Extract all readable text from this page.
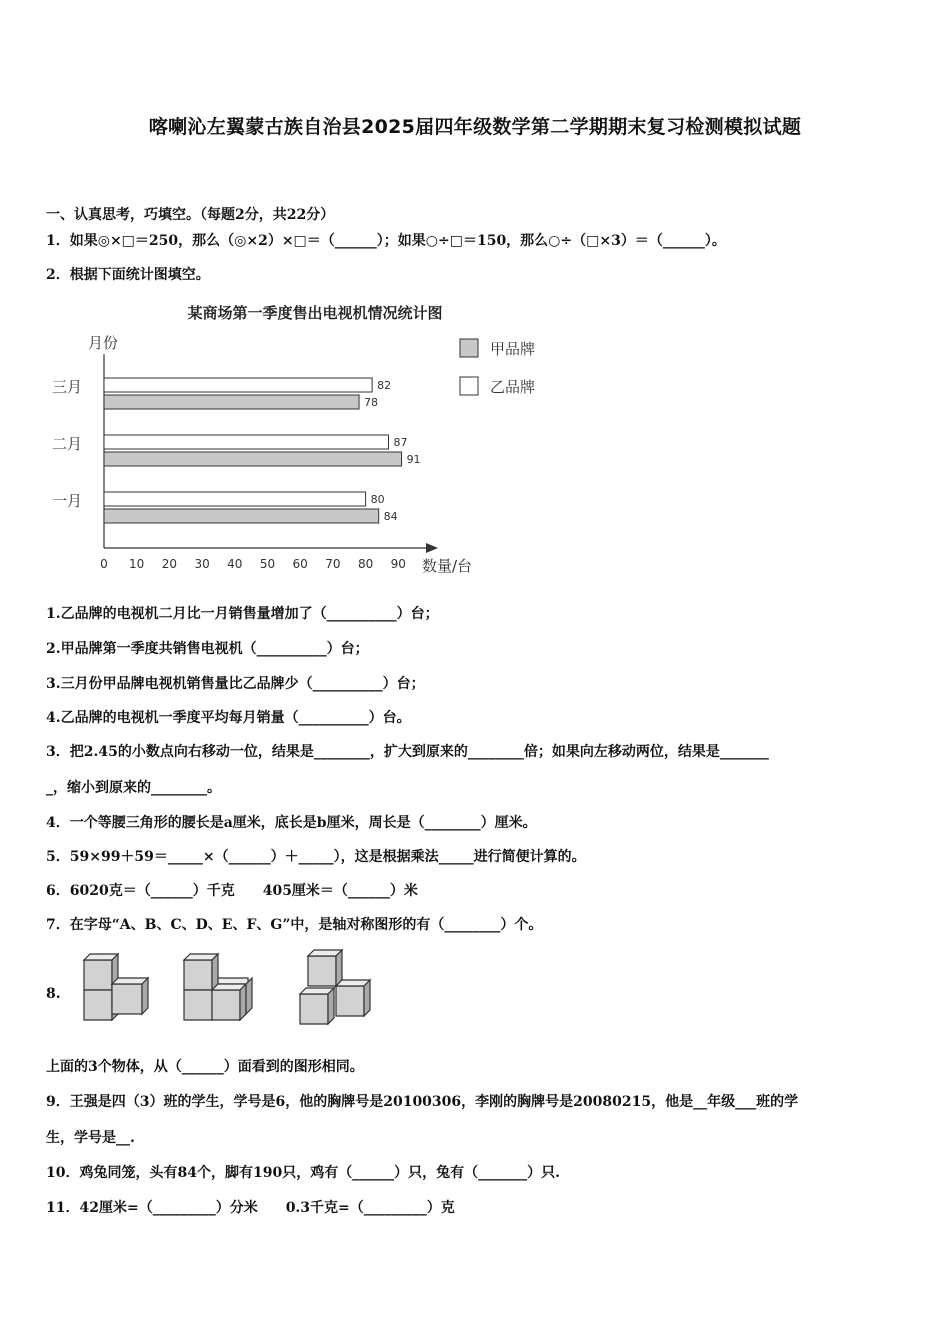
喀喇沁左翼蒙古族自治县2025届四年级数学第二学期期末复习检测模拟试题
一、认真思考，巧填空。（每题2分，共22分）
1．如果◎×□＝250，那么（◎×2）×□＝（______）；如果○÷□＝150，那么○÷（□×3）＝（______）。
2．根据下面统计图填空。
某商场第一季度售出电视机情况统计图
月份
数量/台
0 10 20 30 40 50 60 70 80 90
三月
二月
一月
82
78
87
91
80
84
甲品牌
乙品牌
1.乙品牌的电视机二月比一月销售量增加了（__________）台；
2.甲品牌第一季度共销售电视机（__________）台；
3.三月份甲品牌电视机销售量比乙品牌少（__________）台；
4.乙品牌的电视机一季度平均每月销量（__________）台。
3．把2.45的小数点向右移动一位，结果是________，扩大到原来的________倍；如果向左移动两位，结果是_______
_，缩小到原来的________。
4．一个等腰三角形的腰长是a厘米，底长是b厘米，周长是（________）厘米。
5．59×99＋59＝_____×（______）＋_____），这是根据乘法_____进行简便计算的。
6．6020克＝（______）千克　　405厘米＝（______）米
7．在字母“A、B、C、D、E、F、G”中，是轴对称图形的有（________）个。
8.
上面的3个物体，从（______）面看到的图形相同。
9．王强是四（3）班的学生，学号是6，他的胸牌号是20100306，李刚的胸牌号是20080215，他是__年级___班的学
生，学号是__.
10．鸡兔同笼，头有84个，脚有190只，鸡有（______）只，兔有（_______）只.
11．42厘米=（_________）分米　　0.3千克=（_________）克
